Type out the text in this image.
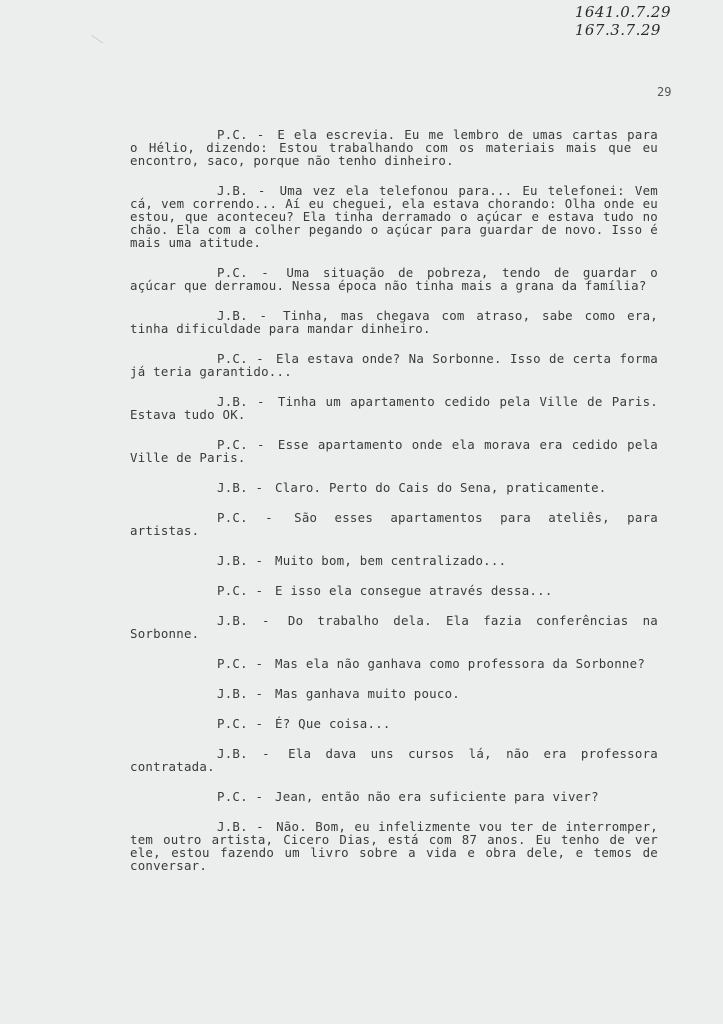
1641.0.7.29
167.3.7.29
29

P.C. - E ela escrevia. Eu me lembro de umas cartas para o Hélio, dizendo: Estou trabalhando com os materiais mais que eu encontro, saco, porque não tenho dinheiro.

J.B. - Uma vez ela telefonou para... Eu telefonei: Vem cá, vem correndo... Aí eu cheguei, ela estava chorando: Olha onde eu estou, que aconteceu? Ela tinha derramado o açúcar e estava tudo no chão. Ela com a colher pegando o açúcar para guardar de novo. Isso é mais uma atitude.

P.C. - Uma situação de pobreza, tendo de guardar o açúcar que derramou. Nessa época não tinha mais a grana da família?

J.B. - Tinha, mas chegava com atraso, sabe como era, tinha dificuldade para mandar dinheiro.

P.C. - Ela estava onde? Na Sorbonne. Isso de certa forma já teria garantido...

J.B. - Tinha um apartamento cedido pela Ville de Paris. Estava tudo OK.

P.C. - Esse apartamento onde ela morava era cedido pela Ville de Paris.

J.B. - Claro. Perto do Cais do Sena, praticamente.

P.C. - São esses apartamentos para ateliês, para artistas.

J.B. - Muito bom, bem centralizado...

P.C. - E isso ela consegue através dessa...

J.B. - Do trabalho dela. Ela fazia conferências na Sorbonne.

P.C. - Mas ela não ganhava como professora da Sorbonne?

J.B. - Mas ganhava muito pouco.

P.C. - É? Que coisa...

J.B. - Ela dava uns cursos lá, não era professora contratada.

P.C. - Jean, então não era suficiente para viver?

J.B. - Não. Bom, eu infelizmente vou ter de interromper, tem outro artista, Cicero Dias, está com 87 anos. Eu tenho de ver ele, estou fazendo um livro sobre a vida e obra dele, e temos de conversar.
